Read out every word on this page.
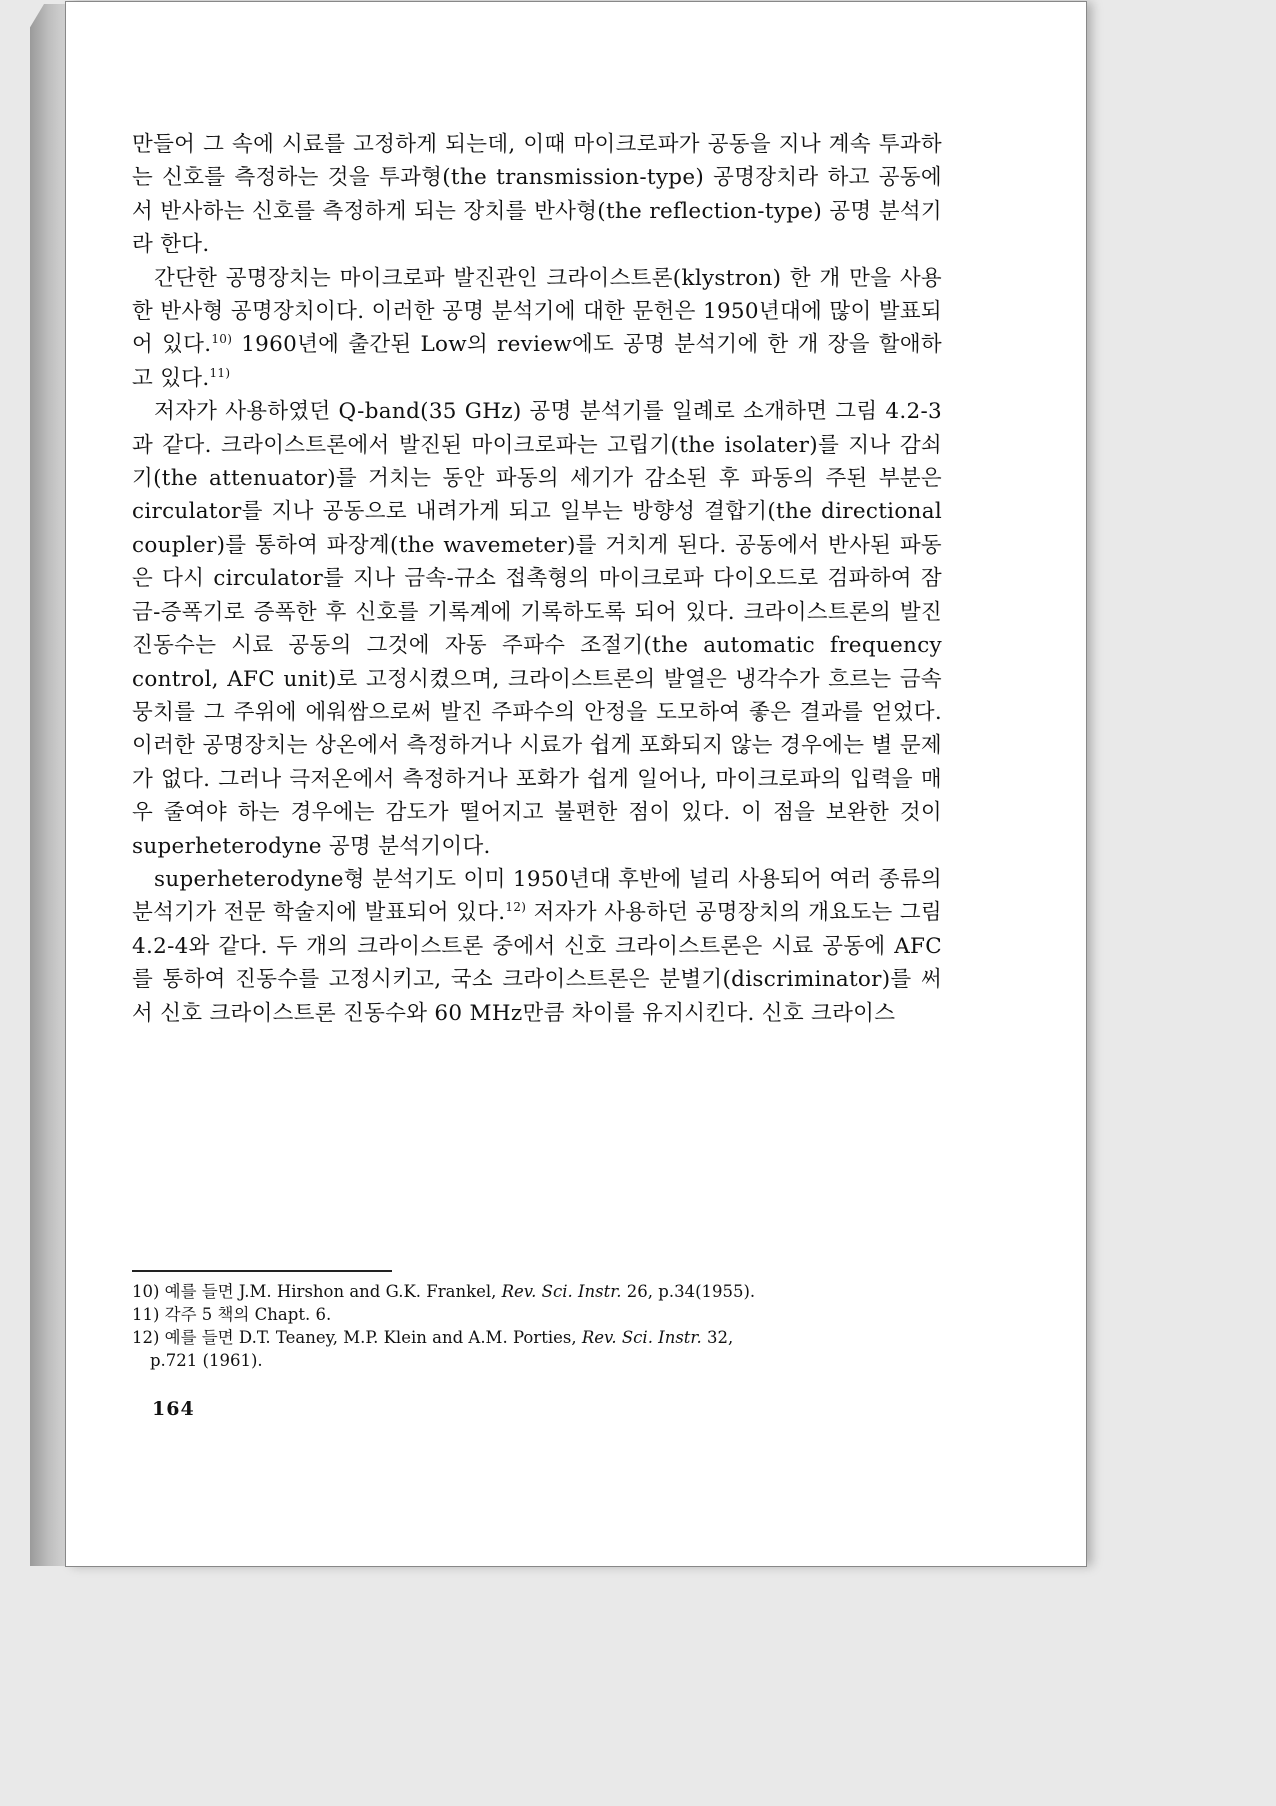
만들어 그 속에 시료를 고정하게 되는데, 이때 마이크로파가 공동을 지나 계속 투과하는 신호를 측정하는 것을 투과형(the transmission-type) 공명장치라 하고 공동에서 반사하는 신호를 측정하게 되는 장치를 반사형(the reflection-type) 공명 분석기라 한다.

간단한 공명장치는 마이크로파 발진관인 크라이스트론(klystron) 한 개 만을 사용한 반사형 공명장치이다. 이러한 공명 분석기에 대한 문헌은 1950년대에 많이 발표되어 있다.$^{10)}$ 1960년에 출간된 Low의 review에도 공명 분석기에 한 개 장을 할애하고 있다.$^{11)}$

저자가 사용하였던 Q-band(35 GHz) 공명 분석기를 일례로 소개하면 그림 4.2-3과 같다. 크라이스트론에서 발진된 마이크로파는 고립기(the isolater)를 지나 감쇠기(the attenuator)를 거치는 동안 파동의 세기가 감소된 후 파동의 주된 부분은 circulator를 지나 공동으로 내려가게 되고 일부는 방향성 결합기(the directional coupler)를 통하여 파장계(the wavemeter)를 거치게 된다. 공동에서 반사된 파동은 다시 circulator를 지나 금속-규소 접촉형의 마이크로파 다이오드로 검파하여 잠금-증폭기로 증폭한 후 신호를 기록계에 기록하도록 되어 있다. 크라이스트론의 발진 진동수는 시료 공동의 그것에 자동 주파수 조절기(the automatic frequency control, AFC unit)로 고정시켰으며, 크라이스트론의 발열은 냉각수가 흐르는 금속 뭉치를 그 주위에 에워쌈으로써 발진 주파수의 안정을 도모하여 좋은 결과를 얻었다. 이러한 공명장치는 상온에서 측정하거나 시료가 쉽게 포화되지 않는 경우에는 별 문제가 없다. 그러나 극저온에서 측정하거나 포화가 쉽게 일어나, 마이크로파의 입력을 매우 줄여야 하는 경우에는 감도가 떨어지고 불편한 점이 있다. 이 점을 보완한 것이 superheterodyne 공명 분석기이다.

superheterodyne형 분석기도 이미 1950년대 후반에 널리 사용되어 여러 종류의 분석기가 전문 학술지에 발표되어 있다.$^{12)}$ 저자가 사용하던 공명장치의 개요도는 그림 4.2-4와 같다. 두 개의 크라이스트론 중에서 신호 크라이스트론은 시료 공동에 AFC를 통하여 진동수를 고정시키고, 국소 크라이스트론은 분별기(discriminator)를 써서 신호 크라이스트론 진동수와 60 MHz만큼 차이를 유지시킨다. 신호 크라이스

10) 예를 들면 J.M. Hirshon and G.K. Frankel, Rev. Sci. Instr. 26, p.34(1955).

11) 각주 5 책의 Chapt. 6.

12) 예를 들면 D.T. Teaney, M.P. Klein and A.M. Porties, Rev. Sci. Instr. 32,
p.721 (1961).

164
